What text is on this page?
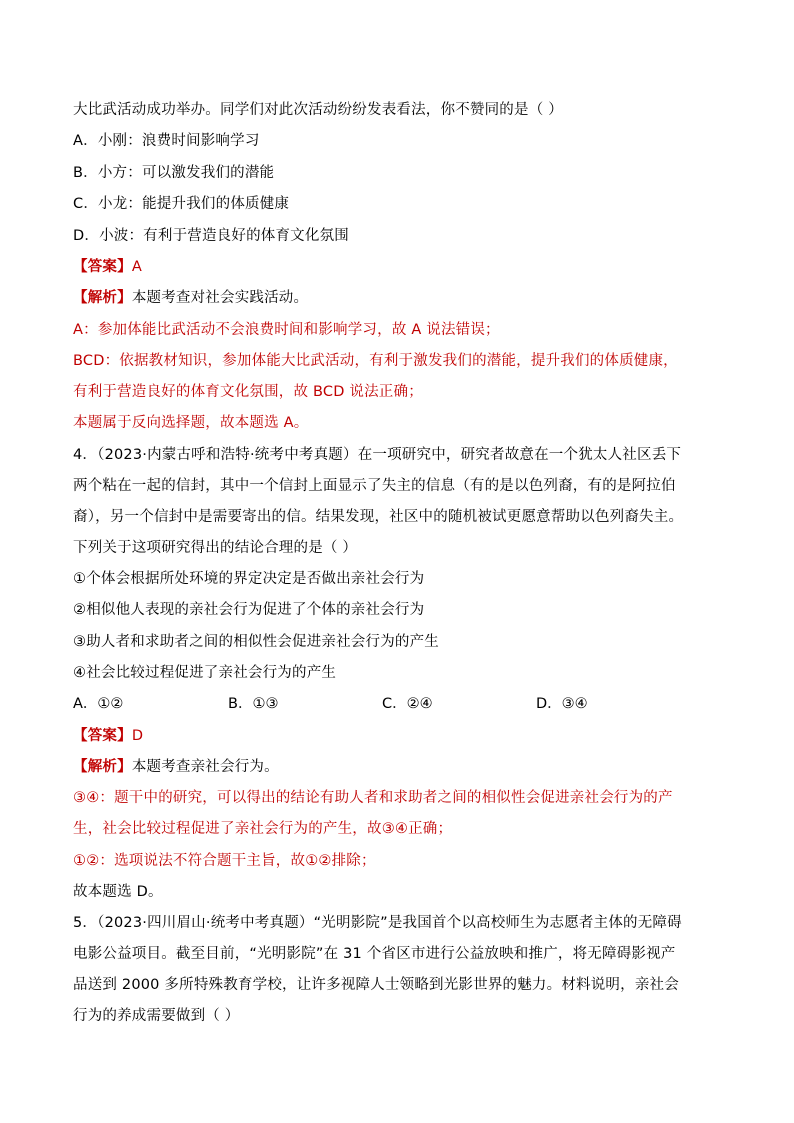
大比武活动成功举办。同学们对此次活动纷纷发表看法，你不赞同的是（ ）
A．小刚：浪费时间影响学习
B．小方：可以激发我们的潜能
C．小龙：能提升我们的体质健康
D．小波：有利于营造良好的体育文化氛围
【答案】A
【解析】本题考查对社会实践活动。
A：参加体能比武活动不会浪费时间和影响学习，故 A 说法错误；
BCD：依据教材知识，参加体能大比武活动，有利于激发我们的潜能，提升我们的体质健康，
有利于营造良好的体育文化氛围，故 BCD 说法正确；
本题属于反向选择题，故本题选 A。
4．（2023·内蒙古呼和浩特·统考中考真题）在一项研究中，研究者故意在一个犹太人社区丢下
两个粘在一起的信封，其中一个信封上面显示了失主的信息（有的是以色列裔，有的是阿拉伯
裔），另一个信封中是需要寄出的信。结果发现，社区中的随机被试更愿意帮助以色列裔失主。
下列关于这项研究得出的结论合理的是（ ）
①个体会根据所处环境的界定决定是否做出亲社会行为
②相似他人表现的亲社会行为促进了个体的亲社会行为
③助人者和求助者之间的相似性会促进亲社会行为的产生
④社会比较过程促进了亲社会行为的产生
A．①②	B．①③	C．②④	D．③④
【答案】D
【解析】本题考查亲社会行为。
③④：题干中的研究，可以得出的结论有助人者和求助者之间的相似性会促进亲社会行为的产
生，社会比较过程促进了亲社会行为的产生，故③④正确；
①②：选项说法不符合题干主旨，故①②排除；
故本题选 D。
5．（2023·四川眉山·统考中考真题）“光明影院”是我国首个以高校师生为志愿者主体的无障碍
电影公益项目。截至目前，“光明影院”在 31 个省区市进行公益放映和推广，将无障碍影视产
品送到 2000 多所特殊教育学校，让许多视障人士领略到光影世界的魅力。材料说明，亲社会
行为的养成需要做到（ ）
